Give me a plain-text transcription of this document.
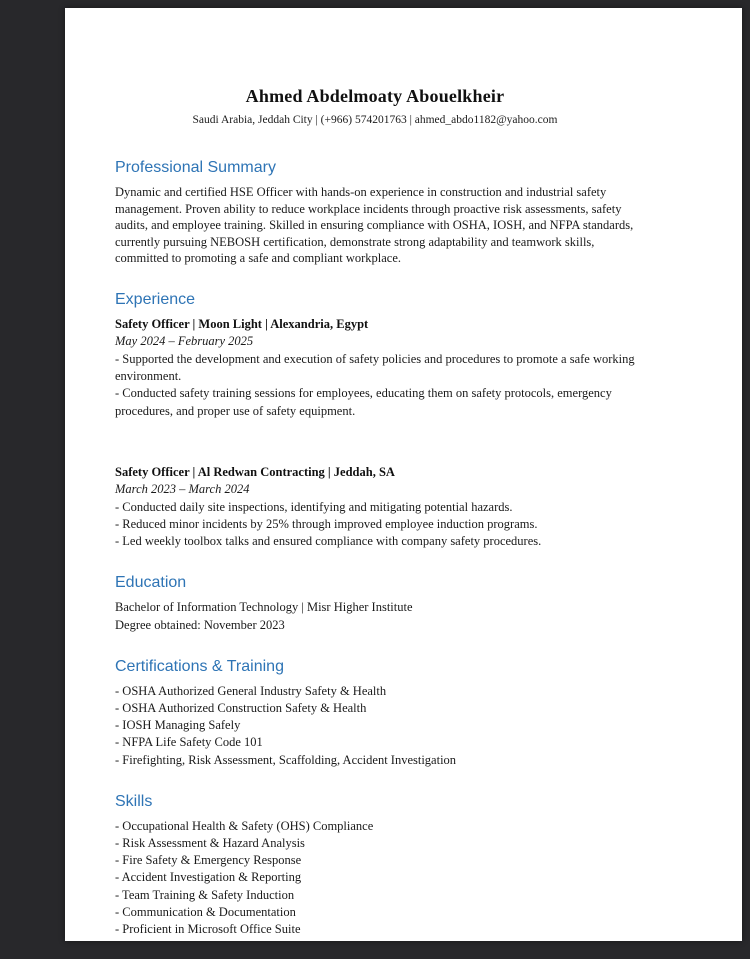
Ahmed Abdelmoaty Abouelkheir
Saudi Arabia, Jeddah City | (+966) 574201763 | ahmed_abdo1182@yahoo.com
Professional Summary
Dynamic and certified HSE Officer with hands-on experience in construction and industrial safety management. Proven ability to reduce workplace incidents through proactive risk assessments, safety audits, and employee training. Skilled in ensuring compliance with OSHA, IOSH, and NFPA standards, currently pursuing NEBOSH certification, demonstrate strong adaptability and teamwork skills, committed to promoting a safe and compliant workplace.
Experience
Safety Officer | Moon Light | Alexandria, Egypt
May 2024 – February 2025
- Supported the development and execution of safety policies and procedures to promote a safe working environment.
- Conducted safety training sessions for employees, educating them on safety protocols, emergency procedures, and proper use of safety equipment.
Safety Officer | Al Redwan Contracting | Jeddah, SA
March 2023 – March 2024
- Conducted daily site inspections, identifying and mitigating potential hazards.
- Reduced minor incidents by 25% through improved employee induction programs.
- Led weekly toolbox talks and ensured compliance with company safety procedures.
Education
Bachelor of Information Technology | Misr Higher Institute
Degree obtained: November 2023
Certifications & Training
- OSHA Authorized General Industry Safety & Health
- OSHA Authorized Construction Safety & Health
- IOSH Managing Safely
- NFPA Life Safety Code 101
- Firefighting, Risk Assessment, Scaffolding, Accident Investigation
Skills
- Occupational Health & Safety (OHS) Compliance
- Risk Assessment & Hazard Analysis
- Fire Safety & Emergency Response
- Accident Investigation & Reporting
- Team Training & Safety Induction
- Communication & Documentation
- Proficient in Microsoft Office Suite
